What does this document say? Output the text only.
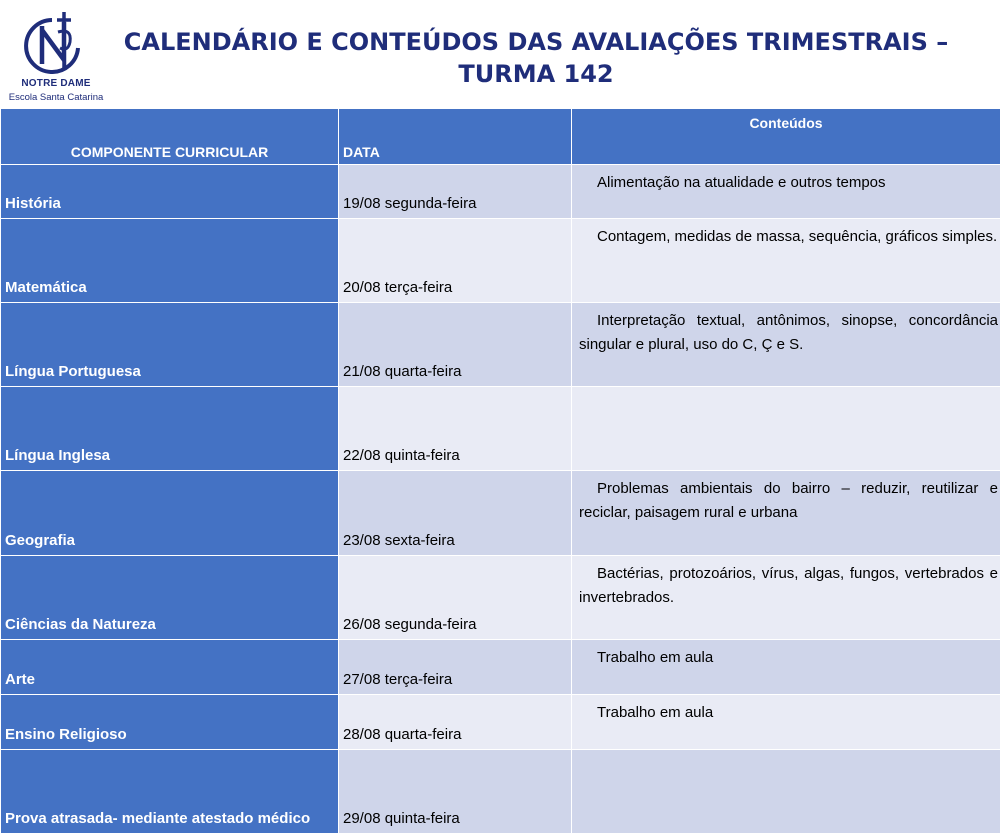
NOTRE DAME
Escola Santa Catarina
CALENDÁRIO E CONTEÚDOS DAS AVALIAÇÕES TRIMESTRAIS –
TURMA 142
COMPONENTE CURRICULAR	DATA	Conteúdos

História	19/08 segunda-feira	Alimentação na atualidade e outros tempos

Matemática	20/08 terça-feira	Contagem, medidas de massa, sequência, gráficos simples.

Língua Portuguesa	21/08 quarta-feira	Interpretação textual, antônimos, sinopse, concordância singular e plural, uso do C, Ç e S.

Língua Inglesa	22/08 quinta-feira	

Geografia	23/08 sexta-feira	Problemas ambientais do bairro – reduzir, reutilizar e reciclar, paisagem rural e urbana

Ciências da Natureza	26/08 segunda-feira	Bactérias, protozoários, vírus, algas, fungos, vertebrados e invertebrados.

Arte	27/08 terça-feira	Trabalho em aula

Ensino Religioso	28/08 quarta-feira	Trabalho em aula

Prova atrasada- mediante atestado médico	29/08 quinta-feira	
